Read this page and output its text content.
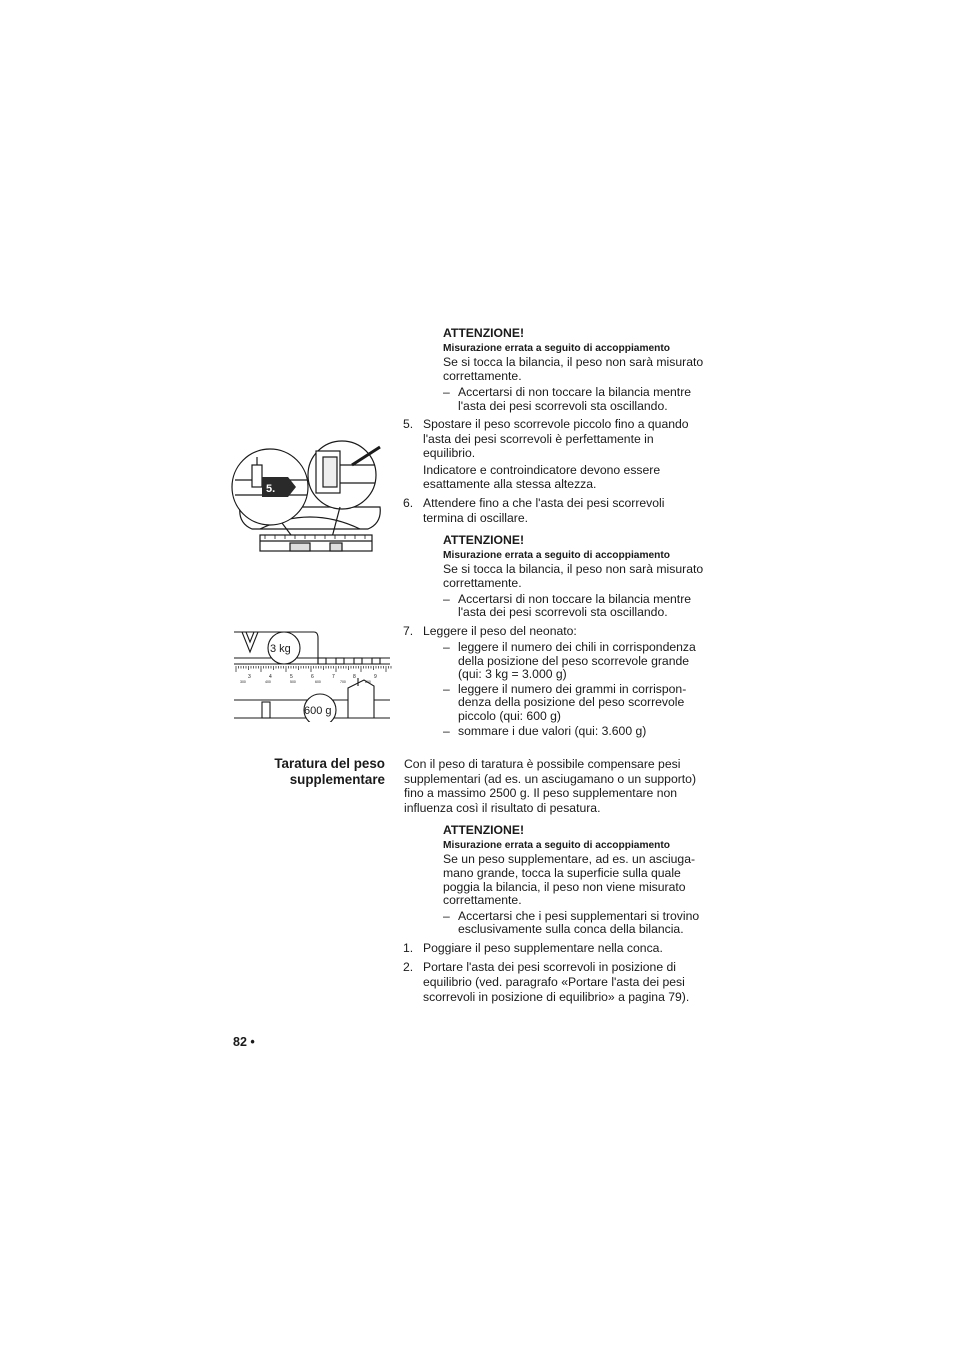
ATTENZIONE!
Misurazione errata a seguito di accoppiamento
Se si tocca la bilancia, il peso non sarà misurato
correttamente.
– Accertarsi di non toccare la bilancia mentre
l'asta dei pesi scorrevoli sta oscillando.
5. Spostare il peso scorrevole piccolo fino a quando
l'asta dei pesi scorrevoli è perfettamente in
equilibrio.
Indicatore e controindicatore devono essere
esattamente alla stessa altezza.
6. Attendere fino a che l'asta dei pesi scorrevoli
termina di oscillare.
ATTENZIONE!
Misurazione errata a seguito di accoppiamento
Se si tocca la bilancia, il peso non sarà misurato
correttamente.
– Accertarsi di non toccare la bilancia mentre
l'asta dei pesi scorrevoli sta oscillando.
7. Leggere il peso del neonato:
– leggere il numero dei chili in corrispondenza
della posizione del peso scorrevole grande
(qui: 3 kg = 3.000 g)
– leggere il numero dei grammi in corrispon-
denza della posizione del peso scorrevole
piccolo (qui: 600 g)
– sommare i due valori (qui: 3.600 g)
Taratura del peso
supplementare
Con il peso di taratura è possibile compensare pesi
supplementari (ad es. un asciugamano o un supporto)
fino a massimo 2500 g. Il peso supplementare non
influenza così il risultato di pesatura.
ATTENZIONE!
Misurazione errata a seguito di accoppiamento
Se un peso supplementare, ad es. un asciuga-
mano grande, tocca la superficie sulla quale
poggia la bilancia, il peso non viene misurato
correttamente.
– Accertarsi che i pesi supplementari si trovino
esclusivamente sulla conca della bilancia.
1. Poggiare il peso supplementare nella conca.
2. Portare l'asta dei pesi scorrevoli in posizione di
equilibrio (ved. paragrafo «Portare l'asta dei pesi
scorrevoli in posizione di equilibrio» a pagina 79).
82 •
5.
3	4	5	6	7	8	9
300	400	500	600	700	800
3 kg
600 g
